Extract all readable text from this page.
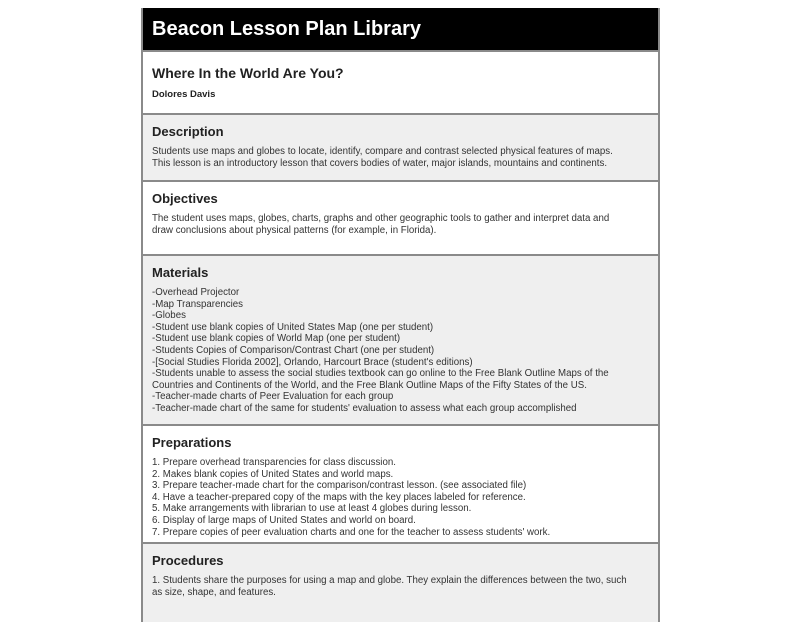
Beacon Lesson Plan Library
Where In the World Are You?
Dolores Davis
Description
Students use maps and globes to locate, identify, compare and contrast selected physical features of maps.
This lesson is an introductory lesson that covers bodies of water, major islands, mountains and continents.
Objectives
The student uses maps, globes, charts, graphs and other geographic tools to gather and interpret data and
draw conclusions about physical patterns (for example, in Florida).
Materials
-Overhead Projector
-Map Transparencies
-Globes
-Student use blank copies of United States Map (one per student)
-Student use blank copies of World Map (one per student)
-Students Copies of Comparison/Contrast Chart (one per student)
-[Social Studies Florida 2002], Orlando, Harcourt Brace (student's editions)
-Students unable to assess the social studies textbook can go online to the Free Blank Outline Maps of the
Countries and Continents of the World, and the Free Blank Outline Maps of the Fifty States of the US.
-Teacher-made charts of Peer Evaluation for each group
-Teacher-made chart of the same for students' evaluation to assess what each group accomplished
Preparations
1. Prepare overhead transparencies for class discussion.
2. Makes blank copies of United States and world maps.
3. Prepare teacher-made chart for the comparison/contrast lesson. (see associated file)
4. Have a teacher-prepared copy of the maps with the key places labeled for reference.
5. Make arrangements with librarian to use at least 4 globes during lesson.
6. Display of large maps of United States and world on board.
7. Prepare copies of peer evaluation charts and one for the teacher to assess students' work.
Procedures
1. Students share the purposes for using a map and globe. They explain the differences between the two, such
as size, shape, and features.
